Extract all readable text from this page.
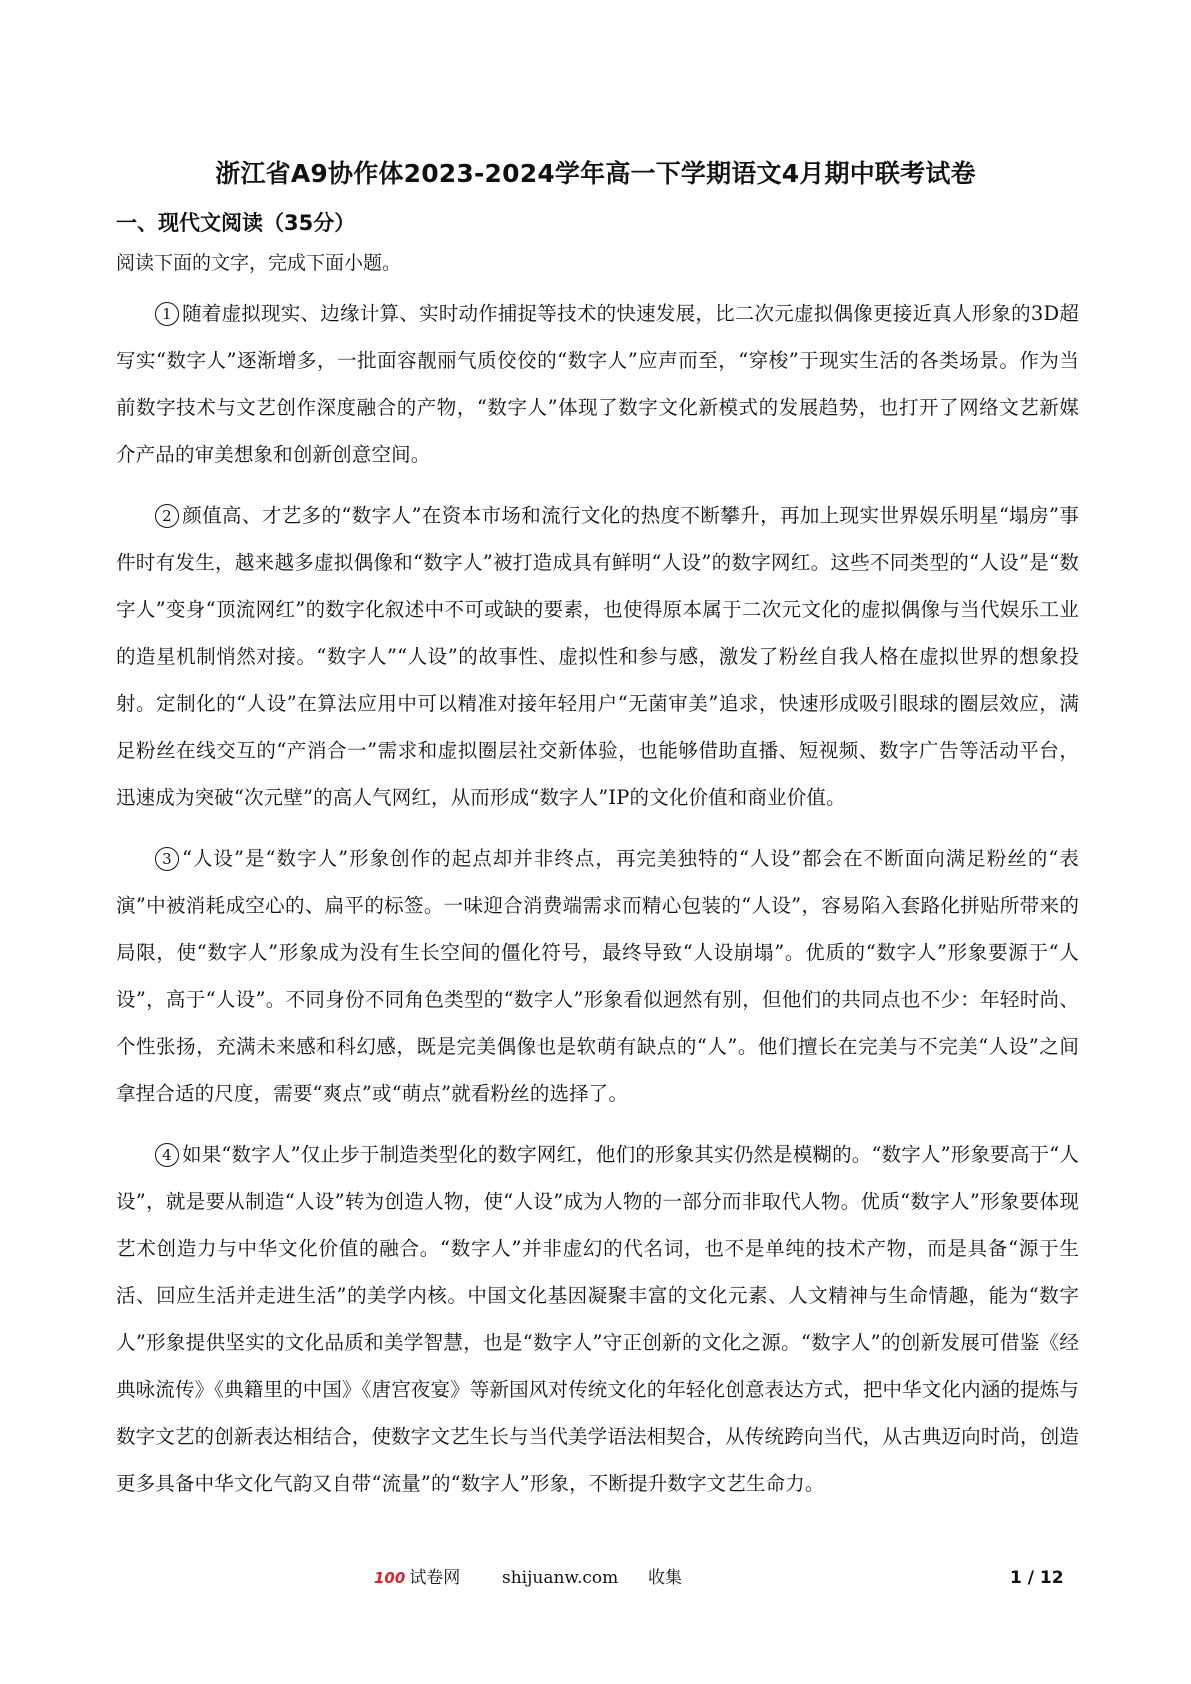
浙江省A9协作体2023-2024学年高一下学期语文4月期中联考试卷
一、现代文阅读（35分）
阅读下面的文字，完成下面小题。

1 随着虚拟现实、边缘计算、实时动作捕捉等技术的快速发展，比二次元虚拟偶像更接近真人形象的3D超写实“数字人”逐渐增多，一批面容靓丽气质佼佼的“数字人”应声而至，“穿梭”于现实生活的各类场景。作为当前数字技术与文艺创作深度融合的产物，“数字人”体现了数字文化新模式的发展趋势，也打开了网络文艺新媒介产品的审美想象和创新创意空间。

2 颜值高、才艺多的“数字人”在资本市场和流行文化的热度不断攀升，再加上现实世界娱乐明星“塌房”事件时有发生，越来越多虚拟偶像和“数字人”被打造成具有鲜明“人设”的数字网红。这些不同类型的“人设”是“数字人”变身“顶流网红”的数字化叙述中不可或缺的要素，也使得原本属于二次元文化的虚拟偶像与当代娱乐工业的造星机制悄然对接。“数字人”“人设”的故事性、虚拟性和参与感，激发了粉丝自我人格在虚拟世界的想象投射。定制化的“人设”在算法应用中可以精准对接年轻用户“无菌审美”追求，快速形成吸引眼球的圈层效应，满足粉丝在线交互的“产消合一”需求和虚拟圈层社交新体验，也能够借助直播、短视频、数字广告等活动平台，迅速成为突破“次元壁”的高人气网红，从而形成“数字人”IP的文化价值和商业价值。

3 “人设”是“数字人”形象创作的起点却并非终点，再完美独特的“人设”都会在不断面向满足粉丝的“表演”中被消耗成空心的、扁平的标签。一味迎合消费端需求而精心包装的“人设”，容易陷入套路化拼贴所带来的局限，使“数字人”形象成为没有生长空间的僵化符号，最终导致“人设崩塌”。优质的“数字人”形象要源于“人设”，高于“人设”。不同身份不同角色类型的“数字人”形象看似迥然有别，但他们的共同点也不少：年轻时尚、个性张扬，充满未来感和科幻感，既是完美偶像也是软萌有缺点的“人”。他们擅长在完美与不完美“人设”之间拿捏合适的尺度，需要“爽点”或“萌点”就看粉丝的选择了。

4 如果“数字人”仅止步于制造类型化的数字网红，他们的形象其实仍然是模糊的。“数字人”形象要高于“人设”，就是要从制造“人设”转为创造人物，使“人设”成为人物的一部分而非取代人物。优质“数字人”形象要体现艺术创造力与中华文化价值的融合。“数字人”并非虚幻的代名词，也不是单纯的技术产物，而是具备“源于生活、回应生活并走进生活”的美学内核。中国文化基因凝聚丰富的文化元素、人文精神与生命情趣，能为“数字人”形象提供坚实的文化品质和美学智慧，也是“数字人”守正创新的文化之源。“数字人”的创新发展可借鉴《经典咏流传》《典籍里的中国》《唐宫夜宴》等新国风对传统文化的年轻化创意表达方式，把中华文化内涵的提炼与数字文艺的创新表达相结合，使数字文艺生长与当代美学语法相契合，从传统跨向当代，从古典迈向时尚，创造更多具备中华文化气韵又自带“流量”的“数字人”形象，不断提升数字文艺生命力。

100 试卷网 shijuanw.com 收集	1 / 12
